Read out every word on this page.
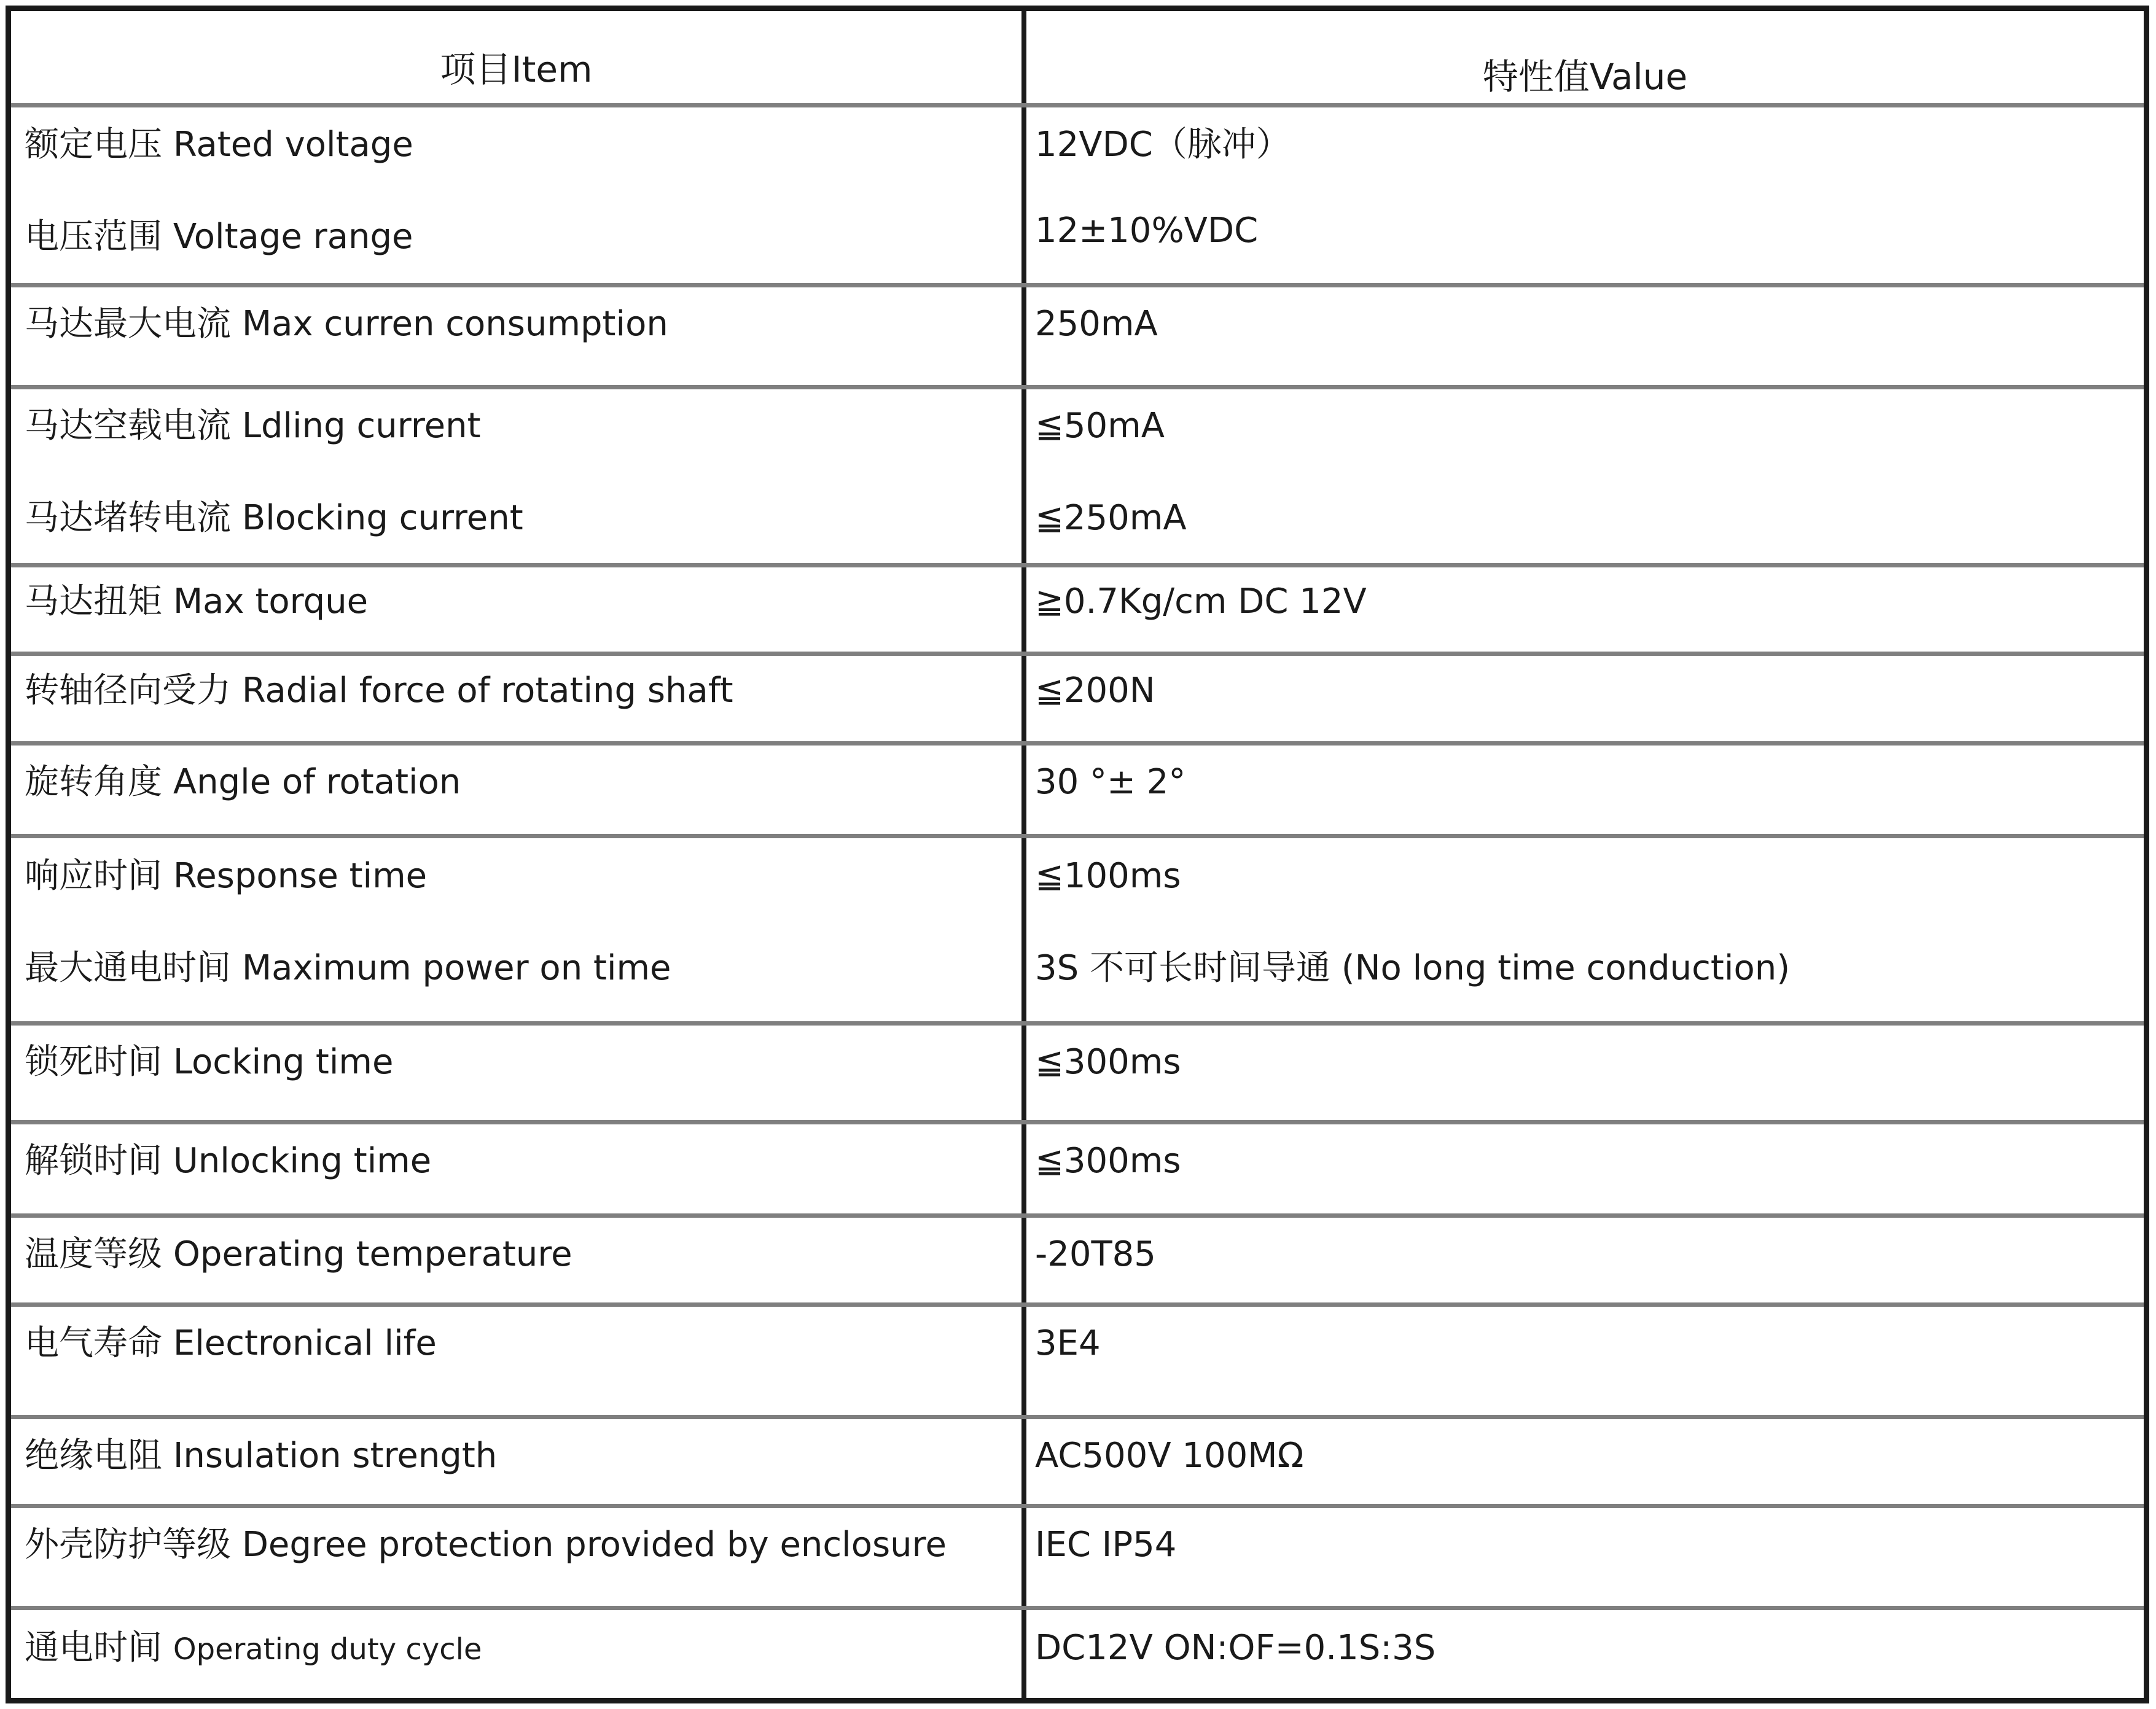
项目Item	特性值Value
额定电压 Rated voltage	12VDC（脉冲）
电压范围 Voltage range	12±10%VDC
马达最大电流 Max curren consumption	250mA
马达空载电流 Ldling current	≦50mA
马达堵转电流 Blocking current	≦250mA
马达扭矩 Max torque	≧0.7Kg/cm DC 12V
转轴径向受力 Radial force of rotating shaft	≦200N
旋转角度 Angle of rotation	30 °± 2°
响应时间 Response time	≦100ms
最大通电时间 Maximum power on time	3S 不可长时间导通 (No long time conduction)
锁死时间 Locking time	≦300ms
解锁时间 Unlocking time	≦300ms
温度等级 Operating temperature	-20T85
电气寿命 Electronical life	3E4
绝缘电阻 Insulation strength	AC500V 100MΩ
外壳防护等级 Degree protection provided by enclosure	IEC IP54
通电时间 Operating duty cycle	DC12V ON:OF=0.1S:3S
